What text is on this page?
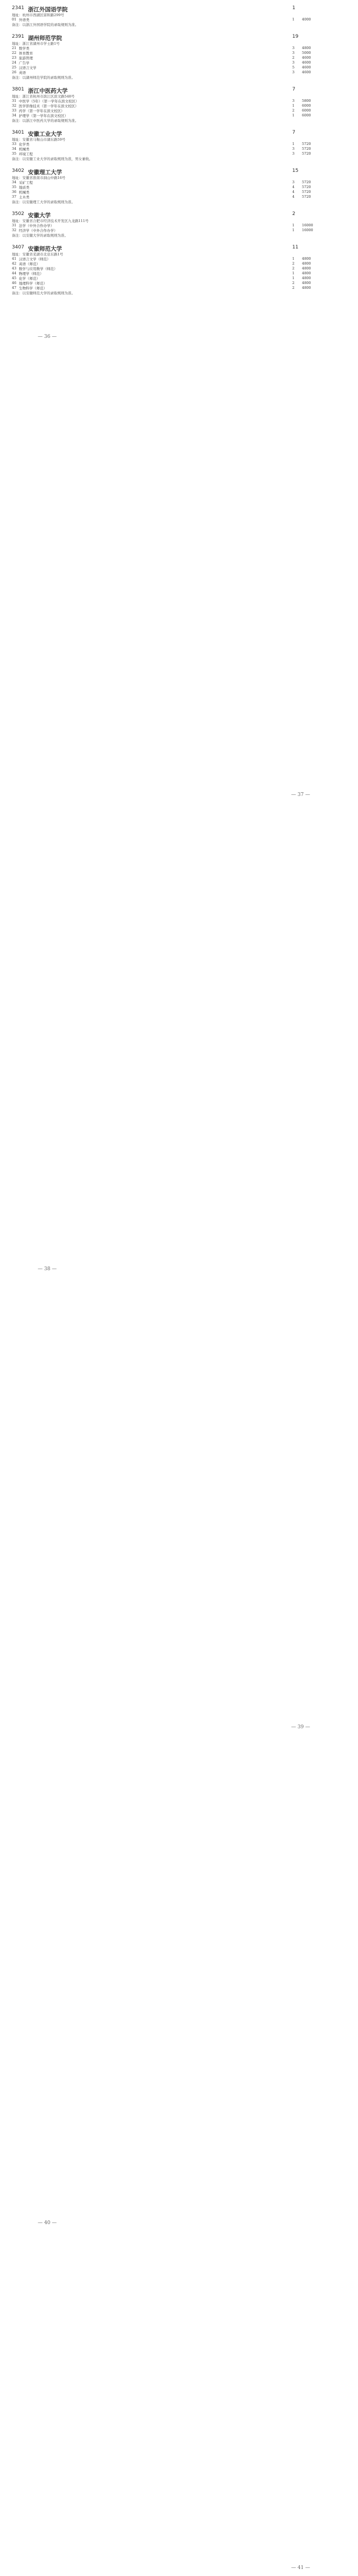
2341 浙江外国语学院	1
地址：杭州市西湖区留和路299号
01 外语类	1 4000
备注：以浙江外国语学院的录取规则为准。
2391 湖州师范学院	19
地址：浙江省湖州市学士路1号
21 数学类	3 4800
22 体育教育	3 5000
23 旅游管理	2 4600
24 广告学	3 4600
25 汉语言文学	5 4600
26 英语	3 4600
备注：以湖州师范学院的录取规则为准。
3801 浙江中医药大学	7
地址：浙江省杭州市滨江区滨文路548号
31 中医学（5年）（第一学年在滨文校区）	3 5800
32 医学影像技术（第一学年在滨文校区）	1 6000
33 药学（第一学年在滨文校区）	2 6000
34 护理学（第一学年在滨文校区）	1 6000
备注：以浙江中医药大学的录取规则为准。
3401 安徽工业大学	7
地址：安徽省马鞍山市湖东路59号
33 化学类	1 5720
34 机械类	3 5720
35 环境工程	3 5720
备注：以安徽工业大学的录取规则为准，男女兼收。
3402 安徽理工大学	15
地址：安徽省淮南市洞山中路16号
34 采矿工程	3 5720
35 地质类	4 5720
36 机械类	4 5720
37 土木类	4 5720
备注：以安徽理工大学的录取规则为准。
3502 安徽大学	2
地址：安徽省合肥市经济技术开发区九龙路111号
31 法学（中外合作办学）	1 16000
32 经济学（中外合作办学）	1 16000
备注：以安徽大学的录取规则为准。
3407 安徽师范大学	11
地址：安徽省芜湖市北京东路1号
41 汉语言文学（师范）	1 4800
42 英语（师范）	2 4800
43 数学与应用数学（师范）	2 4800
44 物理学（师范）	1 4800
45 化学（师范）	1 4800
46 地理科学（师范）	2 4800
47 生物科学（师范）	2 4800
备注：以安徽师范大学的录取规则为准。
— 36 —
— 37 —
— 38 —
— 39 —
— 40 —
— 41 —
